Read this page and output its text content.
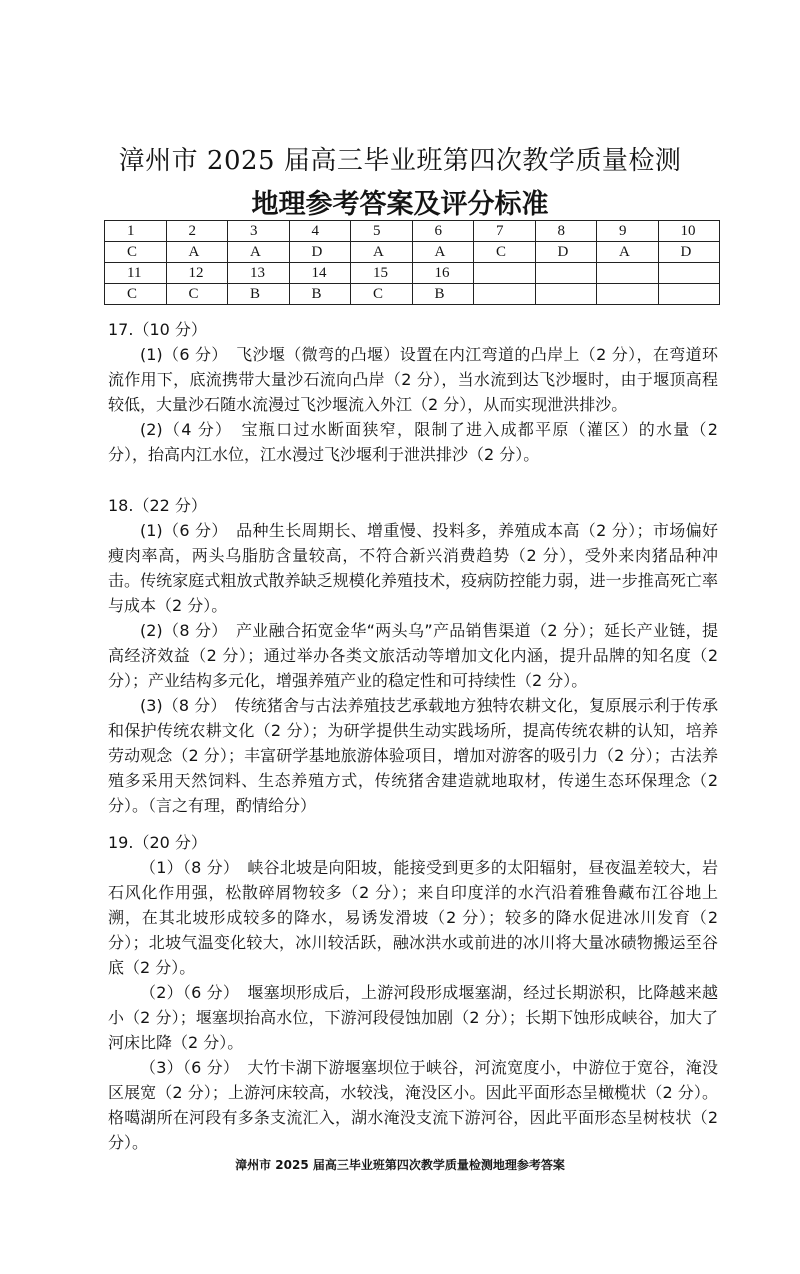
漳州市 2025 届高三毕业班第四次教学质量检测
地理参考答案及评分标准
1	2	3	4	5	6	7	8	9	10
C	A	A	D	A	A	C	D	A	D
11	12	13	14	15	16				
C	C	B	B	C	B				

17.（10 分）

(1)（6 分）　飞沙堰（微弯的凸堰）设置在内江弯道的凸岸上（2 分），在弯道环流作用下，底流携带大量沙石流向凸岸（2 分），当水流到达飞沙堰时，由于堰顶高程较低，大量沙石随水流漫过飞沙堰流入外江（2 分），从而实现泄洪排沙。

(2)（4 分）　宝瓶口过水断面狭窄，限制了进入成都平原（灌区）的水量（2 分），抬高内江水位，江水漫过飞沙堰利于泄洪排沙（2 分）。

18.（22 分）

(1)（6 分）　品种生长周期长、增重慢、投料多，养殖成本高（2 分）；市场偏好瘦肉率高，两头乌脂肪含量较高，不符合新兴消费趋势（2 分），受外来肉猪品种冲击。传统家庭式粗放式散养缺乏规模化养殖技术，疫病防控能力弱，进一步推高死亡率与成本（2 分）。

(2)（8 分）　产业融合拓宽金华“两头乌”产品销售渠道（2 分）；延长产业链，提高经济效益（2 分）；通过举办各类文旅活动等增加文化内涵，提升品牌的知名度（2 分）；产业结构多元化，增强养殖产业的稳定性和可持续性（2 分）。

(3)（8 分）　传统猪舍与古法养殖技艺承载地方独特农耕文化，复原展示利于传承和保护传统农耕文化（2 分）；为研学提供生动实践场所，提高传统农耕的认知，培养劳动观念（2 分）；丰富研学基地旅游体验项目，增加对游客的吸引力（2 分）；古法养殖多采用天然饲料、生态养殖方式，传统猪舍建造就地取材，传递生态环保理念（2 分）。（言之有理，酌情给分）

19.（20 分）

（1）（8 分）　峡谷北坡是向阳坡，能接受到更多的太阳辐射，昼夜温差较大，岩石风化作用强，松散碎屑物较多（2 分）；来自印度洋的水汽沿着雅鲁藏布江谷地上溯，在其北坡形成较多的降水，易诱发滑坡（2 分）；较多的降水促进冰川发育（2 分）；北坡气温变化较大，冰川较活跃，融冰洪水或前进的冰川将大量冰碛物搬运至谷底（2 分）。

（2）（6 分）　堰塞坝形成后，上游河段形成堰塞湖，经过长期淤积，比降越来越小（2 分）；堰塞坝抬高水位，下游河段侵蚀加剧（2 分）；长期下蚀形成峡谷，加大了河床比降（2 分）。

（3）（6 分）　大竹卡湖下游堰塞坝位于峡谷，河流宽度小，中游位于宽谷，淹没区展宽（2 分）；上游河床较高，水较浅，淹没区小。因此平面形态呈橄榄状（2 分）。格噶湖所在河段有多条支流汇入，湖水淹没支流下游河谷，因此平面形态呈树枝状（2 分）。

漳州市 2025 届高三毕业班第四次教学质量检测地理参考答案
